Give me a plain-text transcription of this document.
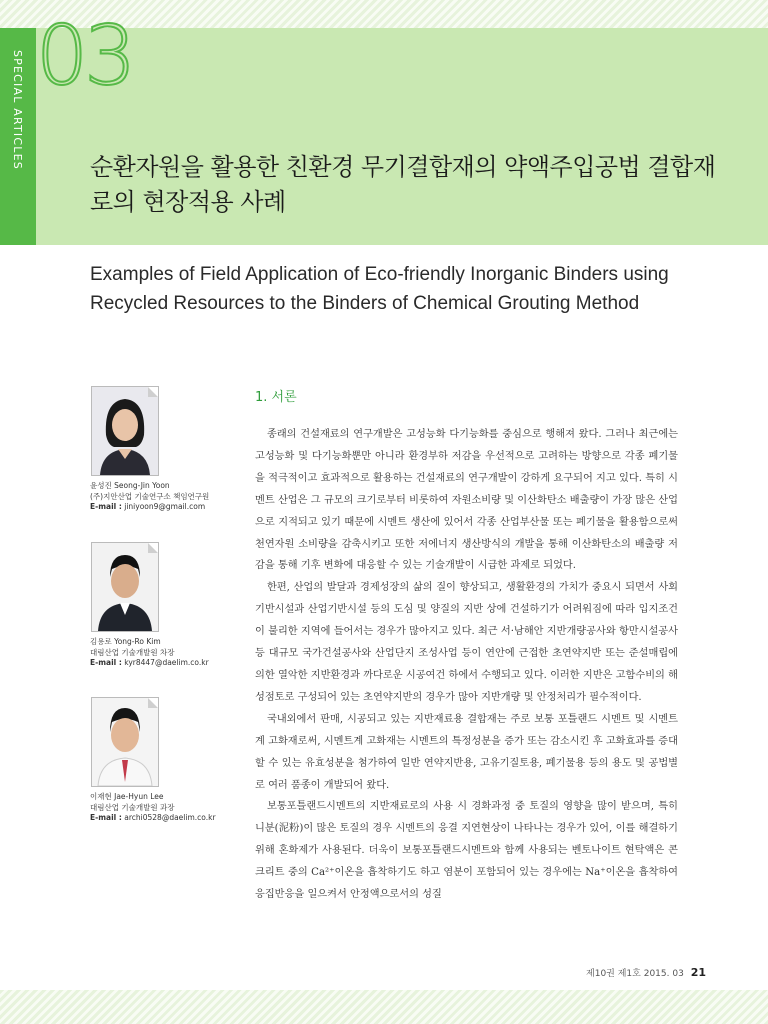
SPECIAL ARTICLES 03
순환자원을 활용한 친환경 무기결합재의 약액주입공법 결합재로의 현장적용 사례
Examples of Field Application of Eco-friendly Inorganic Binders using Recycled Resources to the Binders of Chemical Grouting Method
윤성진 Seong-Jin Yoon
(주)지안산업 기술연구소 책임연구원
E-mail : jiniyoon9@gmail.com
김용로 Yong-Ro Kim
대림산업 기술개발원 차장
E-mail : kyr8447@daelim.co.kr
이재현 Jae-Hyun Lee
대림산업 기술개발원 과장
E-mail : archi0528@daelim.co.kr
1. 서론

종래의 건설재료의 연구개발은 고성능화 다기능화를 중심으로 행해져 왔다. 그러나 최근에는 고성능화 및 다기능화뿐만 아니라 환경부하 저감을 우선적으로 고려하는 방향으로 각종 폐기물을 적극적이고 효과적으로 활용하는 건설재료의 연구개발이 강하게 요구되어 지고 있다. 특히 시멘트 산업은 그 규모의 크기로부터 비롯하여 자원소비량 및 이산화탄소 배출량이 가장 많은 산업으로 지적되고 있기 때문에 시멘트 생산에 있어서 각종 산업부산물 또는 폐기물을 활용함으로써 천연자원 소비량을 감축시키고 또한 저에너지 생산방식의 개발을 통해 이산화탄소의 배출량 저감을 통해 기후 변화에 대응할 수 있는 기술개발이 시급한 과제로 되었다.

한편, 산업의 발달과 경제성장의 삶의 질이 향상되고, 생활환경의 가치가 중요시 되면서 사회기반시설과 산업기반시설 등의 도심 및 양질의 지반 상에 건설하기가 어려워짐에 따라 입지조건이 불리한 지역에 들어서는 경우가 많아지고 있다. 최근 서·남해안 지반개량공사와 항만시설공사 등 대규모 국가건설공사와 산업단지 조성사업 등이 연안에 근접한 초연약지반 또는 준설매립에 의한 열악한 지반환경과 까다로운 시공여건 하에서 수행되고 있다. 이러한 지반은 고함수비의 해성점토로 구성되어 있는 초연약지반의 경우가 많아 지반개량 및 안정처리가 필수적이다.

국내외에서 판매, 시공되고 있는 지반재료용 결합재는 주로 보통 포틀랜드 시멘트 및 시멘트계 고화재로써, 시멘트계 고화재는 시멘트의 특정성분을 증가 또는 감소시킨 후 고화효과를 증대할 수 있는 유효성분을 첨가하여 일반 연약지반용, 고유기질토용, 폐기물용 등의 용도 및 공법별로 여러 품종이 개발되어 왔다.

보통포틀랜드시멘트의 지반재료로의 사용 시 경화과정 중 토질의 영향을 많이 받으며, 특히 니분(泥粉)이 많은 토질의 경우 시멘트의 응결 지연현상이 나타나는 경우가 있어, 이를 해결하기 위해 혼화제가 사용된다. 더욱이 보통포틀랜드시멘트와 함께 사용되는 벤토나이트 현탁액은 콘크리트 중의 Ca²⁺이온을 흡착하기도 하고 염분이 포함되어 있는 경우에는 Na⁺이온을 흡착하여 응집반응을 일으켜서 안정액으로서의 성질

제10권 제1호 2015. 03 21
